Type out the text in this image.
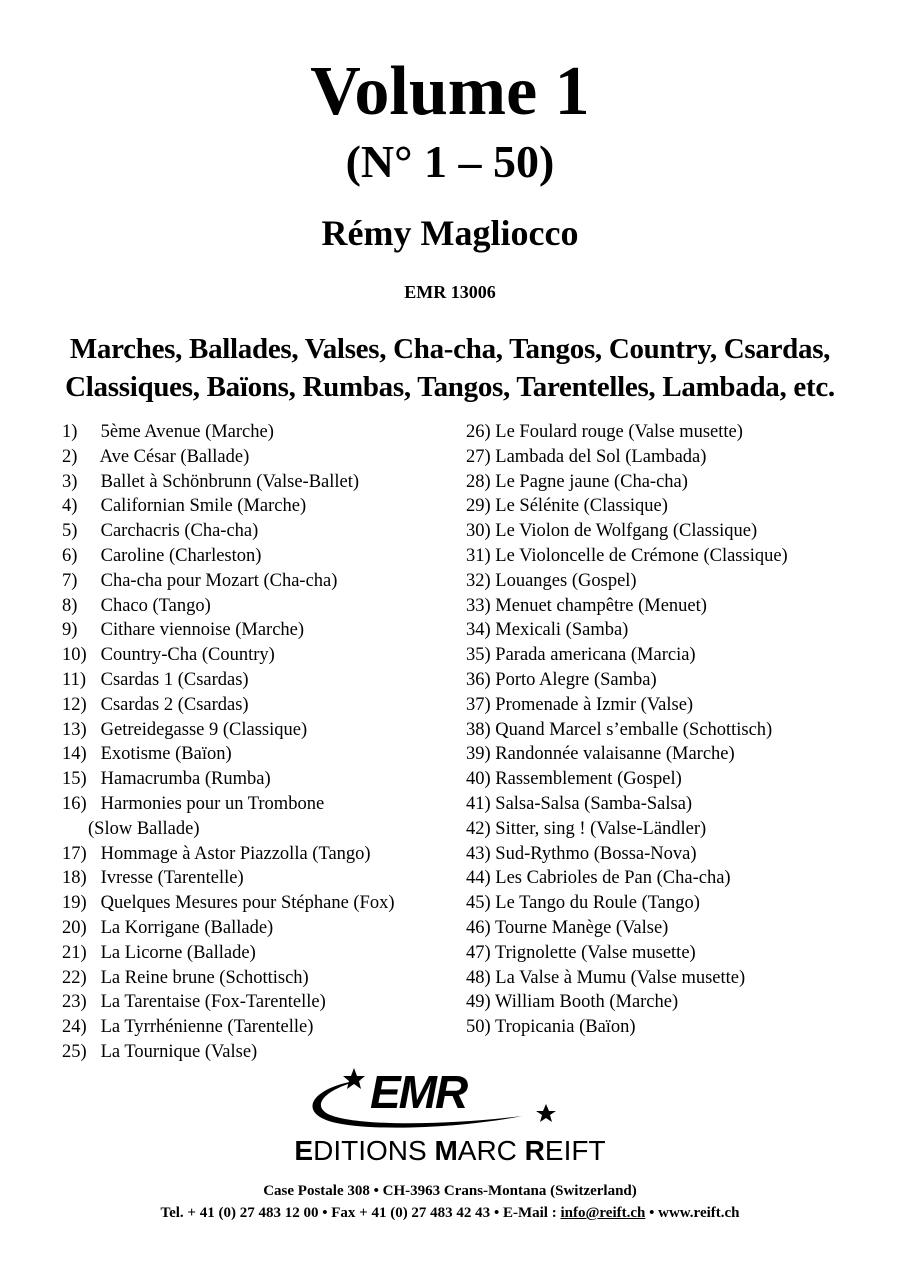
Volume 1
(N° 1 – 50)
Rémy Magliocco
EMR 13006
Marches, Ballades, Valses, Cha-cha, Tangos, Country, Csardas,
Classiques, Baïons, Rumbas, Tangos, Tarentelles, Lambada, etc.
1) 5ème Avenue (Marche)
2) Ave César (Ballade)
3) Ballet à Schönbrunn (Valse-Ballet)
4) Californian Smile (Marche)
5) Carchacris (Cha-cha)
6) Caroline (Charleston)
7) Cha-cha pour Mozart (Cha-cha)
8) Chaco (Tango)
9) Cithare viennoise (Marche)
10) Country-Cha (Country)
11) Csardas 1 (Csardas)
12) Csardas 2 (Csardas)
13) Getreidegasse 9 (Classique)
14) Exotisme (Baïon)
15) Hamacrumba (Rumba)
16) Harmonies pour un Trombone
(Slow Ballade)
17) Hommage à Astor Piazzolla (Tango)
18) Ivresse (Tarentelle)
19) Quelques Mesures pour Stéphane (Fox)
20) La Korrigane (Ballade)
21) La Licorne (Ballade)
22) La Reine brune (Schottisch)
23) La Tarentaise (Fox-Tarentelle)
24) La Tyrrhénienne (Tarentelle)
25) La Tournique (Valse)
26) Le Foulard rouge (Valse musette)
27) Lambada del Sol (Lambada)
28) Le Pagne jaune (Cha-cha)
29) Le Sélénite (Classique)
30) Le Violon de Wolfgang (Classique)
31) Le Violoncelle de Crémone (Classique)
32) Louanges (Gospel)
33) Menuet champêtre (Menuet)
34) Mexicali (Samba)
35) Parada americana (Marcia)
36) Porto Alegre (Samba)
37) Promenade à Izmir (Valse)
38) Quand Marcel s’emballe (Schottisch)
39) Randonnée valaisanne (Marche)
40) Rassemblement (Gospel)
41) Salsa-Salsa (Samba-Salsa)
42) Sitter, sing ! (Valse-Ländler)
43) Sud-Rythmo (Bossa-Nova)
44) Les Cabrioles de Pan (Cha-cha)
45) Le Tango du Roule (Tango)
46) Tourne Manège (Valse)
47) Trignolette (Valse musette)
48) La Valse à Mumu (Valse musette)
49) William Booth (Marche)
50) Tropicania (Baïon)
EMR
EDITIONS MARC REIFT
Case Postale 308 • CH-3963 Crans-Montana (Switzerland)
Tel. + 41 (0) 27 483 12 00 • Fax + 41 (0) 27 483 42 43 • E-Mail : info@reift.ch • www.reift.ch
